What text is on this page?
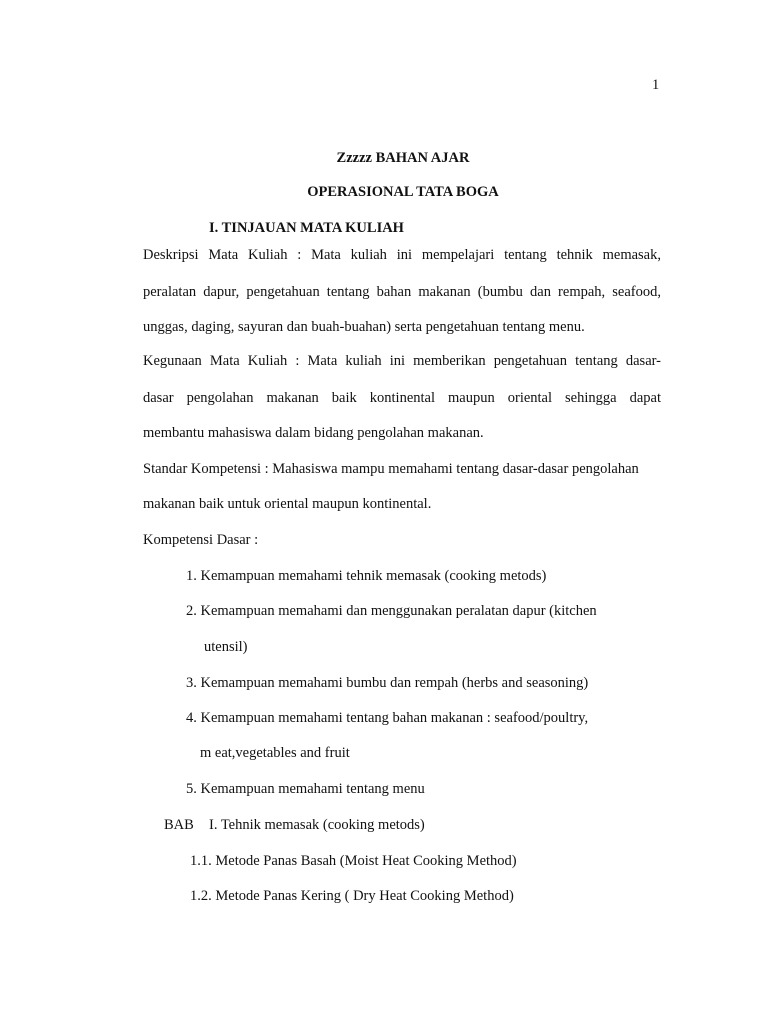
1
Zzzzz BAHAN AJAR
OPERASIONAL TATA BOGA
I. TINJAUAN MATA KULIAH
Deskripsi Mata Kuliah : Mata kuliah ini mempelajari tentang tehnik memasak,
peralatan dapur, pengetahuan tentang bahan makanan (bumbu dan rempah, seafood,
unggas, daging, sayuran dan buah-buahan) serta pengetahuan tentang menu.
Kegunaan Mata Kuliah : Mata kuliah ini memberikan pengetahuan tentang dasar-
dasar pengolahan makanan baik kontinental maupun oriental sehingga dapat
membantu mahasiswa dalam bidang pengolahan makanan.
Standar Kompetensi : Mahasiswa mampu memahami tentang dasar-dasar pengolahan
makanan baik untuk oriental maupun kontinental.
Kompetensi Dasar :
1. Kemampuan memahami tehnik memasak (cooking metods)
2. Kemampuan memahami dan menggunakan peralatan dapur (kitchen
utensil)
3. Kemampuan memahami bumbu dan rempah (herbs and seasoning)
4. Kemampuan memahami tentang bahan makanan : seafood/poultry,
m eat,vegetables and fruit
5. Kemampuan memahami tentang menu
BAB I. Tehnik memasak (cooking metods)
1.1. Metode Panas Basah (Moist Heat Cooking Method)
1.2. Metode Panas Kering ( Dry Heat Cooking Method)
